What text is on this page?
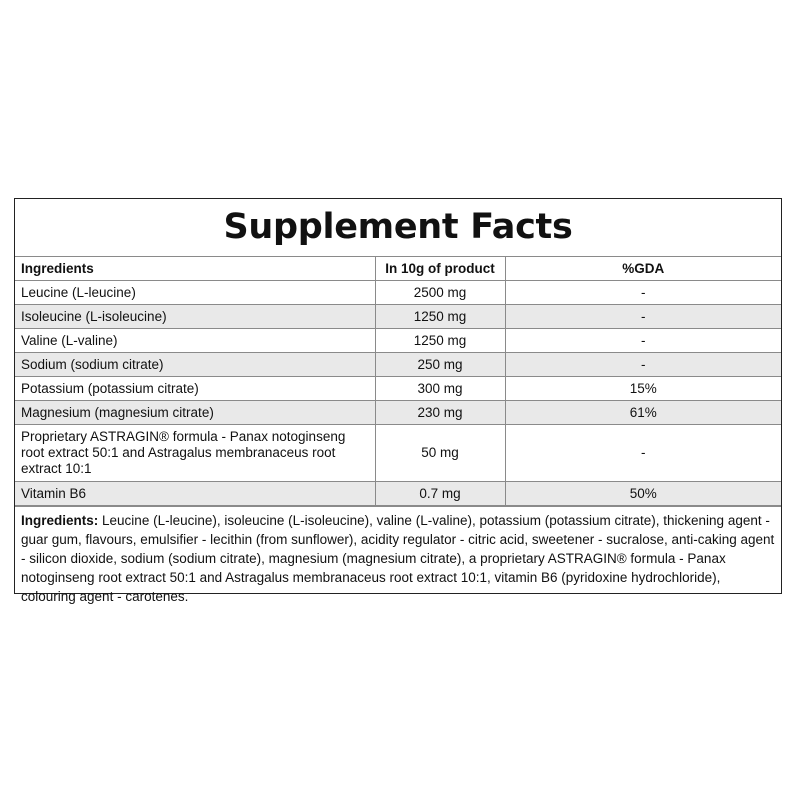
Supplement Facts
Ingredients	In 10g of product	%GDA
Leucine (L-leucine)	2500 mg	-
Isoleucine (L-isoleucine)	1250 mg	-
Valine (L-valine)	1250 mg	-
Sodium (sodium citrate)	250 mg	-
Potassium (potassium citrate)	300 mg	15%
Magnesium (magnesium citrate)	230 mg	61%
Proprietary ASTRAGIN® formula - Panax notoginseng root extract 50:1 and Astragalus membranaceus root extract 10:1	50 mg	-
Vitamin B6	0.7 mg	50%
Ingredients: Leucine (L-leucine), isoleucine (L-isoleucine), valine (L-valine), potassium (potassium citrate), thickening agent - guar gum, flavours, emulsifier - lecithin (from sunflower), acidity regulator - citric acid, sweetener - sucralose, anti-caking agent - silicon dioxide, sodium (sodium citrate), magnesium (magnesium citrate), a proprietary ASTRAGIN® formula - Panax notoginseng root extract 50:1 and Astragalus membranaceus root extract 10:1, vitamin B6 (pyridoxine hydrochloride), colouring agent - carotenes.
